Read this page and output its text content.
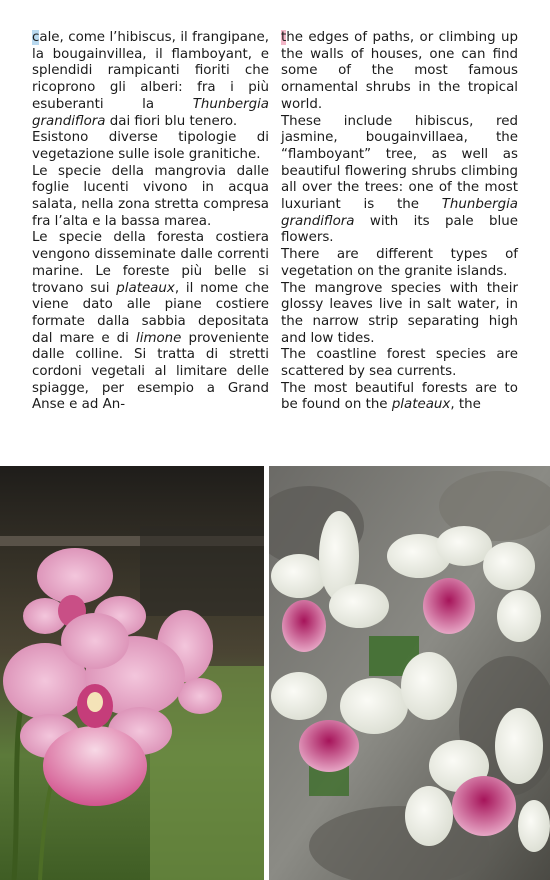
cale, come l’hibiscus, il frangipane, la bougainvillea, il flamboyant, e splendidi rampicanti fioriti che ricoprono gli alberi: fra i più esuberanti la Thunbergia grandiflora dai fiori blu tenero.

Esistono diverse tipologie di vegetazione sulle isole granitiche.

Le specie della mangrovia dalle foglie lucenti vivono in acqua salata, nella zona stretta compresa fra l’alta e la bassa marea.

Le specie della foresta costiera vengono disseminate dalle correnti marine. Le foreste più belle si trovano sui plateaux, il nome che viene dato alle piane costiere formate dalla sabbia depositata dal mare e di limone proveniente dalle colline. Si tratta di stretti cordoni vegetali al limitare delle spiagge, per esempio a Grand Anse e ad An-

the edges of paths, or climbing up the walls of houses, one can find some of the most famous ornamental shrubs in the tropical world.

These include hibiscus, red jasmine, bougainvillaea, the “flamboyant” tree, as well as beautiful flowering shrubs climbing all over the trees: one of the most luxuriant is the Thunbergia grandiflora with its pale blue flowers.

There are different types of vegetation on the granite islands.

The mangrove species with their glossy leaves live in salt water, in the narrow strip separating high and low tides.

The coastline forest species are scattered by sea currents.

The most beautiful forests are to be found on the plateaux, the
